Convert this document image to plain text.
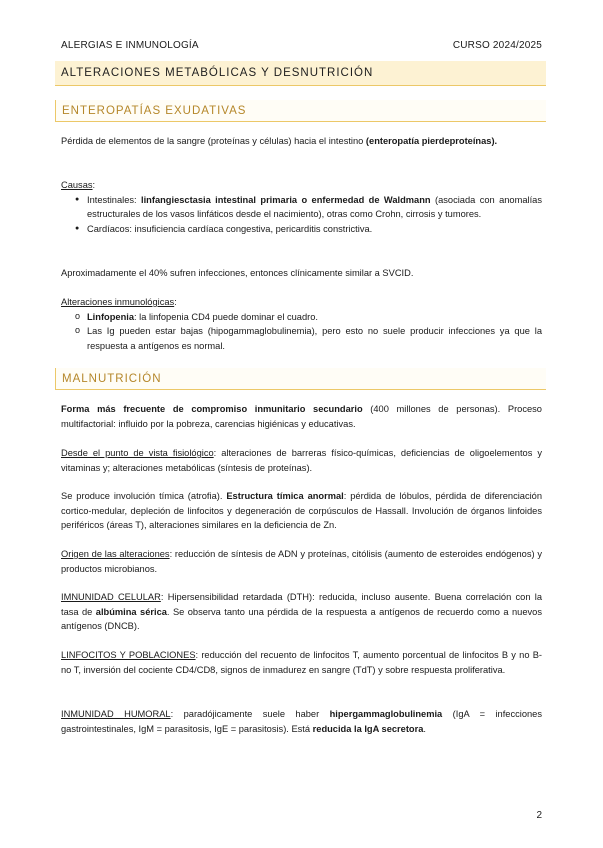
ALERGIAS E INMUNOLOGÍA	CURSO 2024/2025
ALTERACIONES METABÓLICAS Y DESNUTRICIÓN
ENTEROPATÍAS EXUDATIVAS
Pérdida de elementos de la sangre (proteínas y células) hacia el intestino (enteropatía pierdeproteínas).
Causas:
● Intestinales: linfangiesctasia intestinal primaria o enfermedad de Waldmann (asociada con anomalías estructurales de los vasos linfáticos desde el nacimiento), otras como Crohn, cirrosis y tumores.
● Cardíacos: insuficiencia cardíaca congestiva, pericarditis constrictiva.
Aproximadamente el 40% sufren infecciones, entonces clínicamente similar a SVCID.
Alteraciones inmunológicas:
o Linfopenia: la linfopenia CD4 puede dominar el cuadro.
o Las Ig pueden estar bajas (hipogammaglobulinemia), pero esto no suele producir infecciones ya que la respuesta a antígenos es normal.
MALNUTRICIÓN
Forma más frecuente de compromiso inmunitario secundario (400 millones de personas). Proceso multifactorial: influido por la pobreza, carencias higiénicas y educativas.
Desde el punto de vista fisiológico: alteraciones de barreras físico-químicas, deficiencias de oligoelementos y vitaminas y; alteraciones metabólicas (síntesis de proteínas).
Se produce involución tímica (atrofia). Estructura tímica anormal: pérdida de lóbulos, pérdida de diferenciación cortico-medular, depleción de linfocitos y degeneración de corpúsculos de Hassall. Involución de órganos linfoides periféricos (áreas T), alteraciones similares en la deficiencia de Zn.
Origen de las alteraciones: reducción de síntesis de ADN y proteínas, citólisis (aumento de esteroides endógenos) y productos microbianos.
IMNUNIDAD CELULAR: Hipersensibilidad retardada (DTH): reducida, incluso ausente. Buena correlación con la tasa de albúmina sérica. Se observa tanto una pérdida de la respuesta a antígenos de recuerdo como a nuevos antígenos (DNCB).
LINFOCITOS Y POBLACIONES: reducción del recuento de linfocitos T, aumento porcentual de linfocitos B y no B-no T, inversión del cociente CD4/CD8, signos de inmadurez en sangre (TdT) y sobre respuesta proliferativa.
INMUNIDAD HUMORAL: paradójicamente suele haber hipergammaglobulinemia (IgA = infecciones gastrointestinales, IgM = parasitosis, IgE = parasitosis). Está reducida la IgA secretora.
2
